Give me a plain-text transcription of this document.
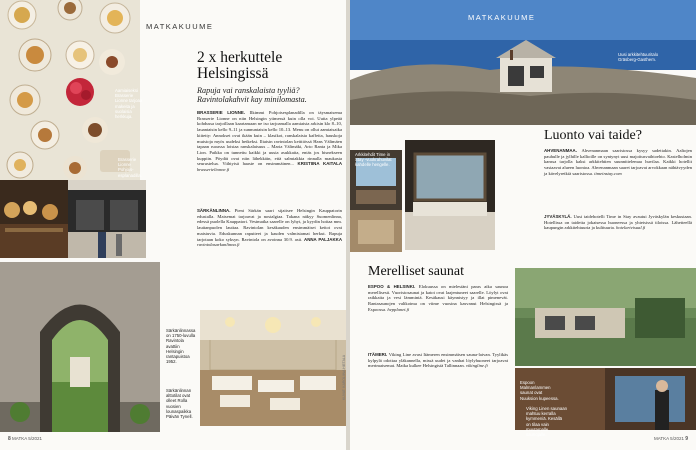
Aamiaiseksi Brasserie Lionne tarjoaa makeita ja suolaisia herkkuja.
Brasserie Lionne Pohjois-esplanadilla.
Särkänlinnassa on 1750-luvulla Ravintola avattiin Helsingin rantapuistoa 1952.
Särkänlinnan alttotilat ovat olleet Rolla vuosien lounaspaikka Päivän Tynell.
KUVAT: KAROLIINA HIETALA
MATKAKUUME
2 x herkuttele
Helsingissä
Rapuja vai ranskalaista tyyliä? Ravintolakahvit kay minilomasta.
BRASSERIE LIONNE. Ilkimmi Pohjoisesplanadilla on täysmaisema Brasserie Lionne on niin Helsingin ytimessä kuin olla voi. Uutta ylpeää kohdussa tarjoillaan kaartamaan ne iso tarjoamalla aamiaista arkisin klo 8–10, lauantaisin kello 9–11 ja sunnuntaisin kello 10–13. Menu on ollut aamiaisaika kiitetty: Annokset ovat ikään kuin – klasikot, ranskalaisia kaffeita, hauskoja muistoja myös uudeksi hetkeksi. Iltaisin ravintolan keittiössä Hans Välimäen tapaan ruoassa loistaa ranskalaisuus – Maria Välimäki, Arto Ranta ja Mika Lion. Paikka on tunnettu kaikki ja uusia asukkaita, entäs jos bisnekseen kuppiin. Pöydät ovat niin lähekkäin, että salmiakkia rinnalla maukasta seurustelua. Viihtyisä haaste on ensimmäinen... KRISTIINA KAITALA brasserielionne.fi
SÄRKÄNLINNA. Pieni Särkän saari sijaitsee Helsingin Kauppatorin edustalla. Maisemat tarjoavat ja nostalgiaa. Takana näkyy Suomenlinna, edessä puolella Kauppatori. Vesimatka saarelle on lyhyt, ja kyydin hoitaa mm. lauttanpuolen lauttaa. Ravintolan kesäkauden ensimmäiset keitot ovat maistuvia. Eduskunnan raputteet ja kauden valmistamat herkut. Rapuja tarjotaan koko syksyn. Ravintola on avoinna 30.9. asti. ANNA PALJAKKA ravintolasarkanlinna.fi
8 MATKA 5/2021
MATKAKUUME
Uusi arkkitehtuuritalo Gräsberg-Gasthem.
Arkkitehdit Time in Stay -vuokrahuvilat kahdelle hengelle.
Luonto vai taide?
AHVENANMAA. Ahvenanmaan saaristossa kysyy sadettakin. Aaltojen pauhulle ja jylhille kallioille on syntynyt uusi majoitusvaihtoehto. Kastelholmin kanssa tarjolla kaksi arkkitehtien suunnittelemaa huvilaa. Kaikki hotellit vastaavat alueen luontoa. Ahvenanmaan saaret tarjoavat arvokkaan nähtävyyden ja kävelyretkiä saaristossa. timeinstay.com
JYVÄSKYLÄ. Uusi taidehotelli Time in Stay avautui Jyväskylän keskustaan. Hotellissa on taidetta jokaisessa huoneessa ja yhteisissä tiloissa. Lähetteellä kaupungin arkkitehtuuria ja kulttuuria. hotelartvisual.fi
Merelliset saunat
ESPOO & HELSINKI. Elokuussa on mielestäni paras aika saunoa merellisesti. Vuoristosaunat ja katot ovat laajentuneet saarelle. Löylyt ovat raikkaita ja vesi lämmintä. Kesäkausi käynnistyy ja illat pimenevät. Rantasaunojen valikoima on viime vuosina kasvanut Helsingissä ja Espoossa. hepplanet.fi
ITÄMERI. Viking Line avasi Itämeren ensimmäisen sauna-laivan. Tyylikäs kylpylä odottaa yläkannella, missä uudet ja vanhat löylyhuoneet tarjoavat merimaisemat. Matka kulkee Helsingistä Tallinnaan. vikingline.fi
Espoon Malmanlammen saunat ovat Nuuksion kupeessa.
Viking Linen saunaan mahtuu kerralla kymmeniä. Kesällä on tilaa vain muutamalle saunojalle.
MATKA 5/2021 9
